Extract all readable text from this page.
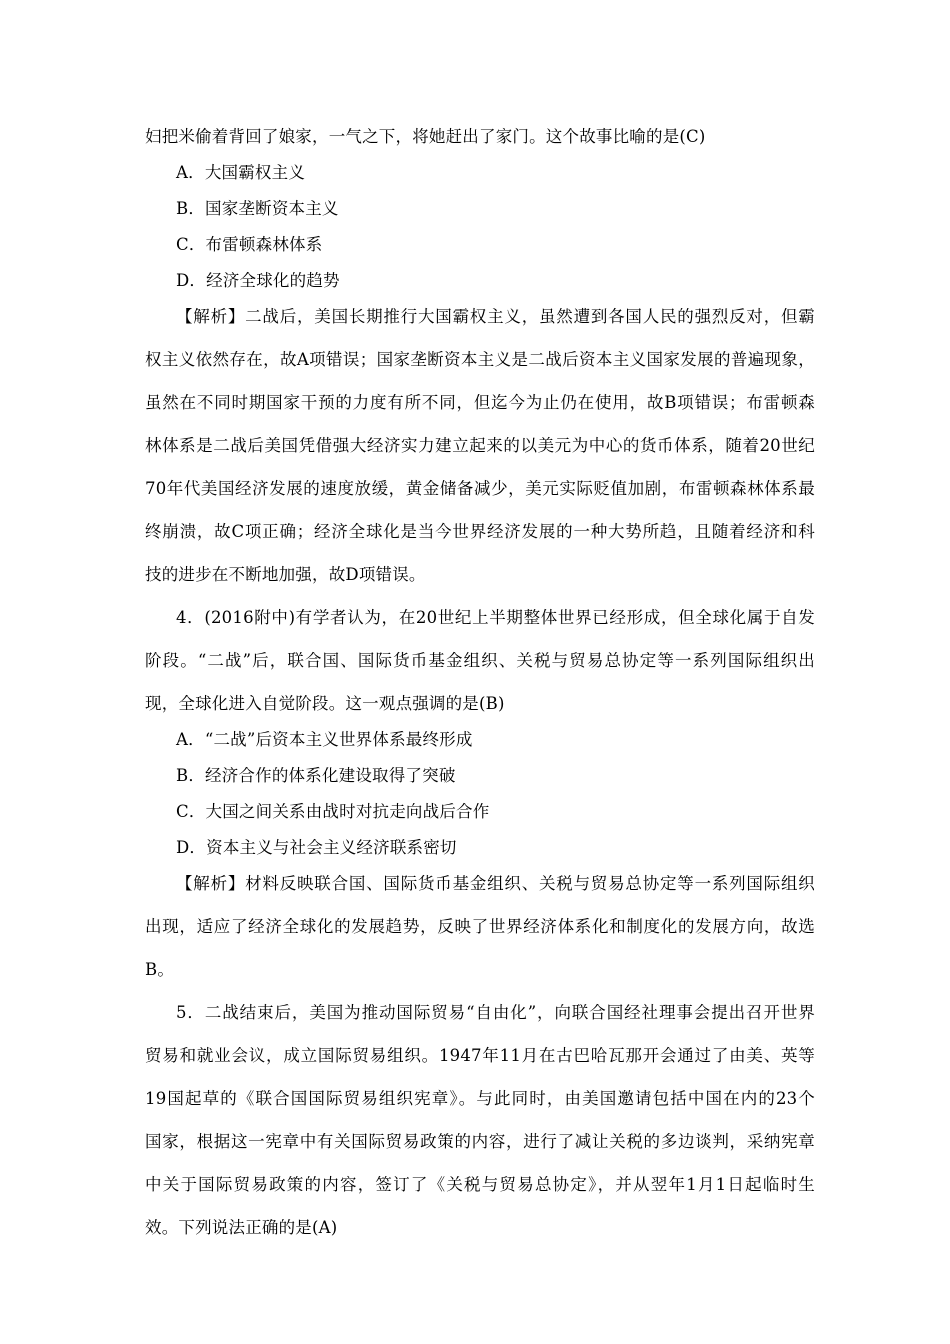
妇把米偷着背回了娘家，一气之下，将她赶出了家门。这个故事比喻的是(C)
A．大国霸权主义
B．国家垄断资本主义
C．布雷顿森林体系
D．经济全球化的趋势
【解析】二战后，美国长期推行大国霸权主义，虽然遭到各国人民的强烈反对，但霸
权主义依然存在，故A项错误；国家垄断资本主义是二战后资本主义国家发展的普遍现象，
虽然在不同时期国家干预的力度有所不同，但迄今为止仍在使用，故B项错误；布雷顿森
林体系是二战后美国凭借强大经济实力建立起来的以美元为中心的货币体系，随着20世纪
70年代美国经济发展的速度放缓，黄金储备减少，美元实际贬值加剧，布雷顿森林体系最
终崩溃，故C项正确；经济全球化是当今世界经济发展的一种大势所趋，且随着经济和科
技的进步在不断地加强，故D项错误。
4．(2016附中)有学者认为，在20世纪上半期整体世界已经形成，但全球化属于自发
阶段。“二战”后，联合国、国际货币基金组织、关税与贸易总协定等一系列国际组织出
现，全球化进入自觉阶段。这一观点强调的是(B)
A．“二战”后资本主义世界体系最终形成
B．经济合作的体系化建设取得了突破
C．大国之间关系由战时对抗走向战后合作
D．资本主义与社会主义经济联系密切
【解析】材料反映联合国、国际货币基金组织、关税与贸易总协定等一系列国际组织
出现，适应了经济全球化的发展趋势，反映了世界经济体系化和制度化的发展方向，故选
B。
5．二战结束后，美国为推动国际贸易“自由化”，向联合国经社理事会提出召开世界
贸易和就业会议，成立国际贸易组织。1947年11月在古巴哈瓦那开会通过了由美、英等
19国起草的《联合国国际贸易组织宪章》。与此同时，由美国邀请包括中国在内的23个
国家，根据这一宪章中有关国际贸易政策的内容，进行了减让关税的多边谈判，采纳宪章
中关于国际贸易政策的内容，签订了《关税与贸易总协定》，并从翌年1月1日起临时生
效。下列说法正确的是(A)
